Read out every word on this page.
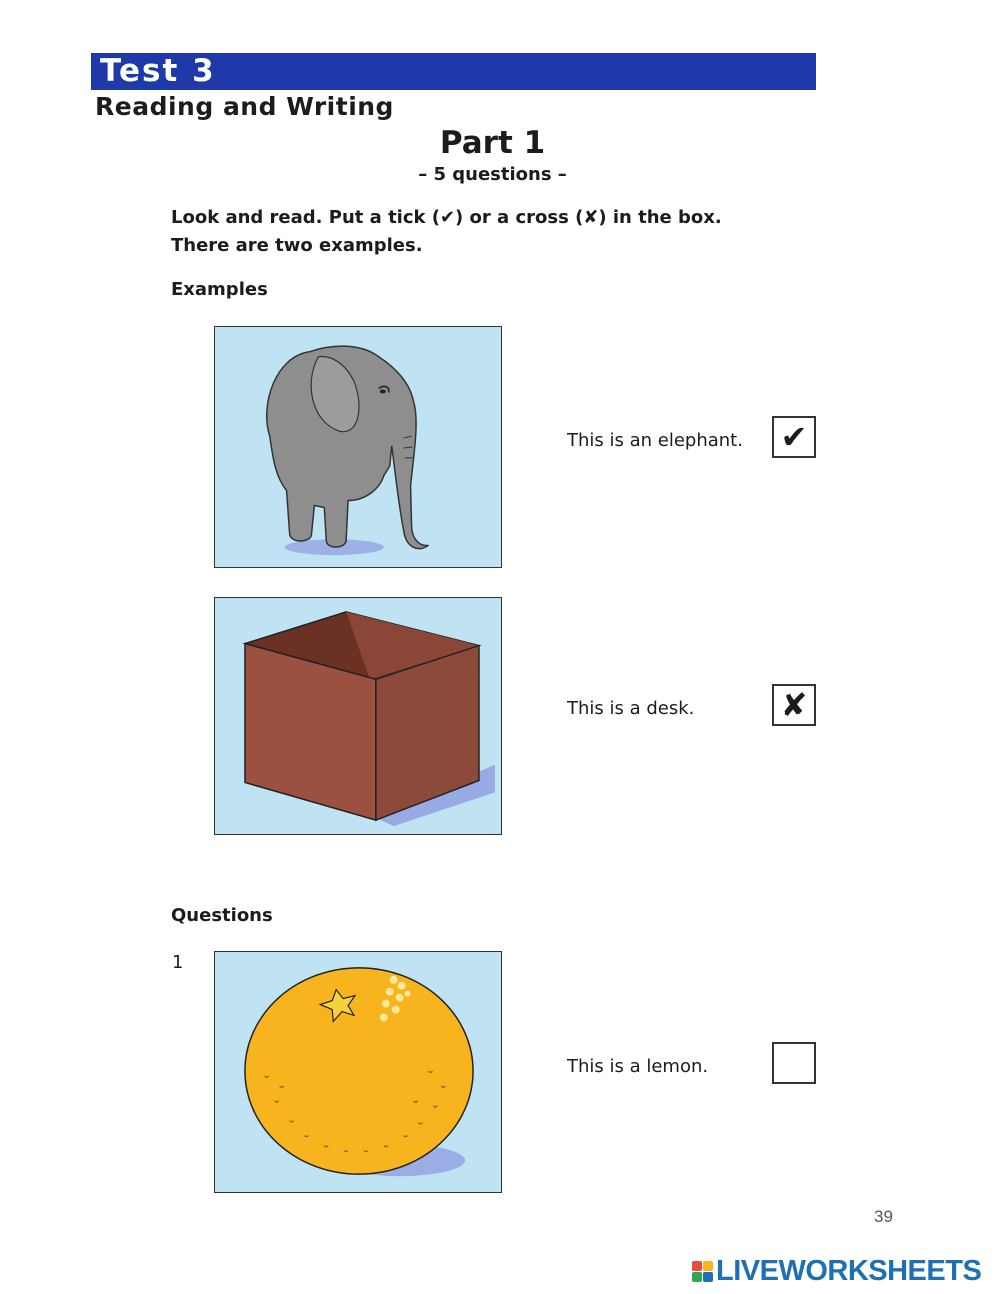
Test 3
Reading and Writing
Part 1
– 5 questions –
Look and read. Put a tick (✔) or a cross (✘) in the box.
There are two examples.
Examples
This is an elephant. ✔
This is a desk.	✘
Questions
1
This is a lemon.
39
LIVEWORKSHEETS
